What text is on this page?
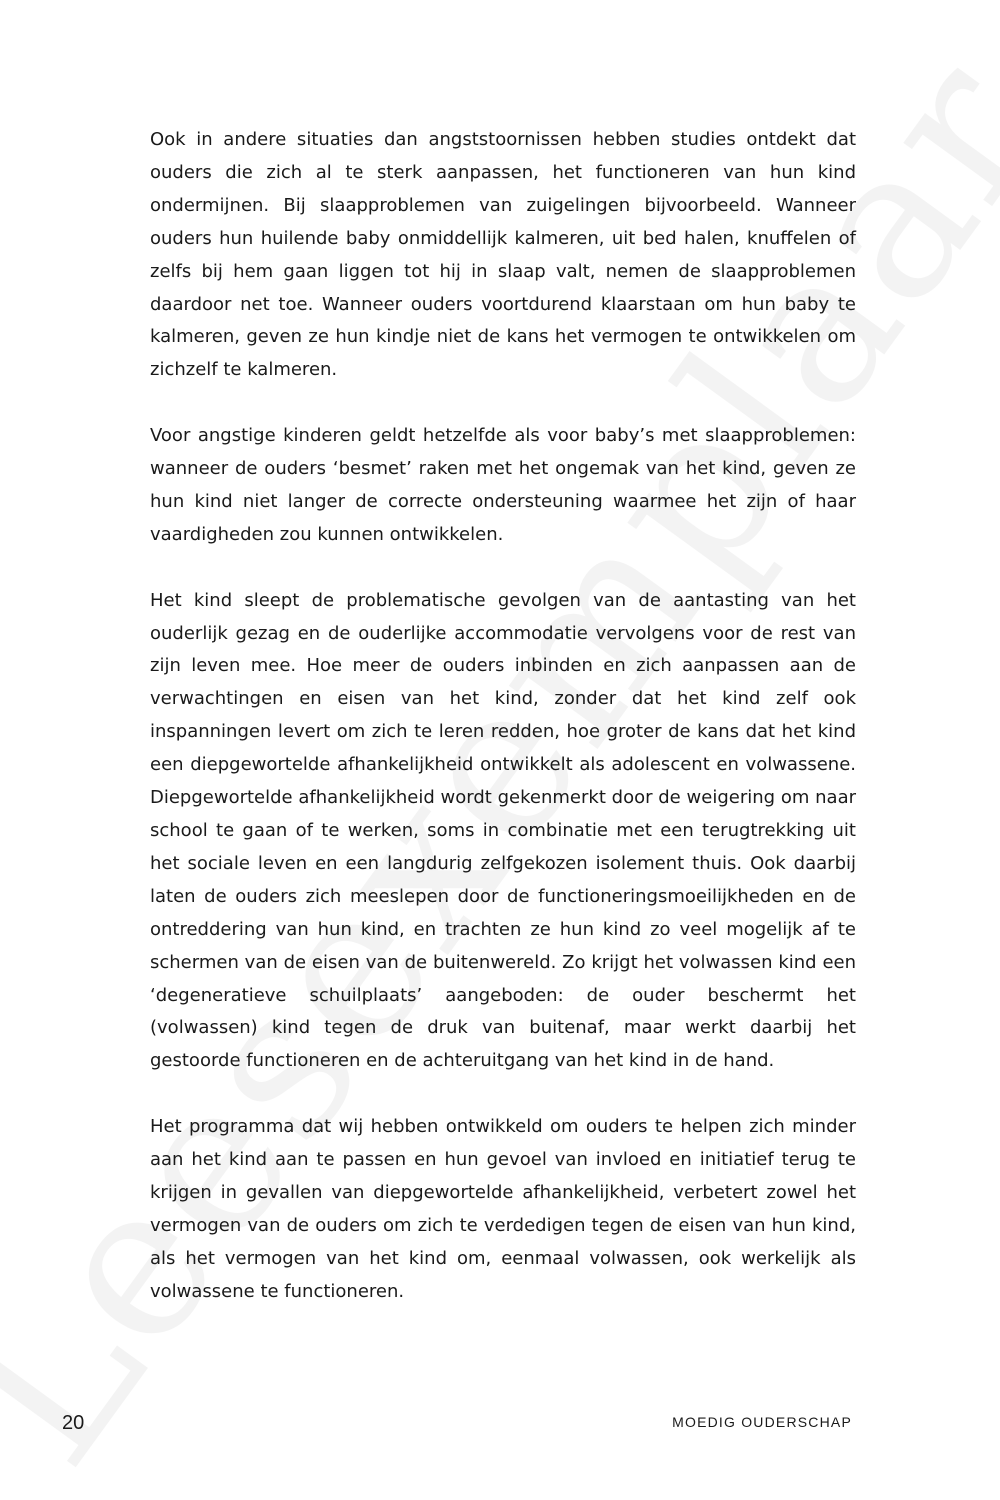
Ook in andere situaties dan angststoornissen hebben studies ontdekt dat ouders die zich al te sterk aanpassen, het functioneren van hun kind ondermijnen. Bij slaapproblemen van zuigelingen bijvoorbeeld. Wanneer ouders hun huilende baby onmiddellijk kalmeren, uit bed halen, knuffelen of zelfs bij hem gaan liggen tot hij in slaap valt, nemen de slaapproblemen daardoor net toe. Wanneer ouders voortdurend klaarstaan om hun baby te kalmeren, geven ze hun kindje niet de kans het vermogen te ontwikkelen om zichzelf te kalmeren.

Voor angstige kinderen geldt hetzelfde als voor baby’s met slaapproblemen: wanneer de ouders ‘besmet’ raken met het ongemak van het kind, geven ze hun kind niet langer de correcte ondersteuning waarmee het zijn of haar vaardigheden zou kunnen ontwikkelen.

Het kind sleept de problematische gevolgen van de aantasting van het ouderlijk gezag en de ouderlijke accommodatie vervolgens voor de rest van zijn leven mee. Hoe meer de ouders inbinden en zich aanpassen aan de verwachtingen en eisen van het kind, zonder dat het kind zelf ook inspanningen levert om zich te leren redden, hoe groter de kans dat het kind een diepgewortelde afhankelijkheid ontwikkelt als adolescent en volwassene. Diepgewortelde afhankelijkheid wordt gekenmerkt door de weigering om naar school te gaan of te werken, soms in combinatie met een terugtrekking uit het sociale leven en een langdurig zelfgekozen isolement thuis. Ook daarbij laten de ouders zich meeslepen door de functioneringsmoeilijkheden en de ontreddering van hun kind, en trachten ze hun kind zo veel mogelijk af te schermen van de eisen van de buitenwereld. Zo krijgt het volwassen kind een ‘degeneratieve schuilplaats’ aangeboden: de ouder beschermt het (volwassen) kind tegen de druk van buitenaf, maar werkt daarbij het gestoorde functioneren en de achteruitgang van het kind in de hand.

Het programma dat wij hebben ontwikkeld om ouders te helpen zich minder aan het kind aan te passen en hun gevoel van invloed en initiatief terug te krijgen in gevallen van diepgewortelde afhankelijkheid, verbetert zowel het vermogen van de ouders om zich te verdedigen tegen de eisen van hun kind, als het vermogen van het kind om, eenmaal volwassen, ook werkelijk als volwassene te functioneren.

20	MOEDIG OUDERSCHAP
